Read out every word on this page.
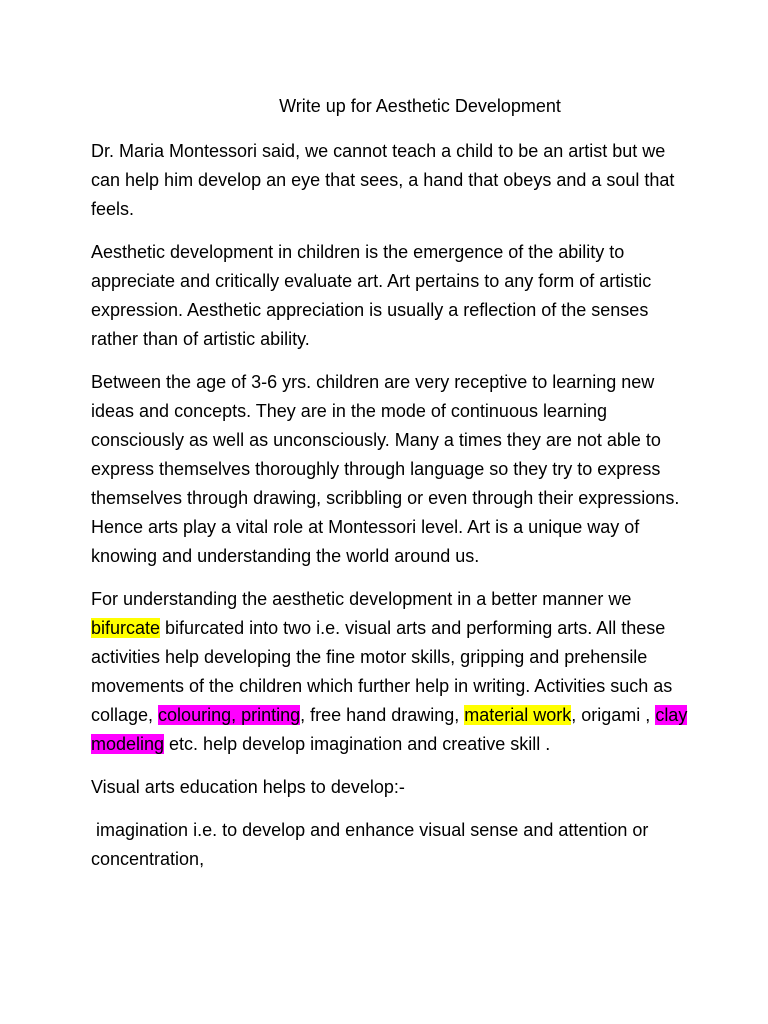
Write up for Aesthetic Development

Dr. Maria Montessori said, we cannot teach a child to be an artist but we can help him develop an eye that sees, a hand that obeys and a soul that feels.

Aesthetic development in children is the emergence of the ability to appreciate and critically evaluate art. Art pertains to any form of artistic expression. Aesthetic appreciation is usually a reflection of the senses rather than of artistic ability.

Between the age of 3-6 yrs. children are very receptive to learning new ideas and concepts. They are in the mode of continuous learning consciously as well as unconsciously. Many a times they are not able to express themselves thoroughly through language so they try to express themselves through drawing, scribbling or even through their expressions. Hence arts play a vital role at Montessori level. Art is a unique way of knowing and understanding the world around us.

For understanding the aesthetic development in a better manner we bifurcate bifurcated into two i.e. visual arts and performing arts. All these activities help developing the fine motor skills, gripping and prehensile movements of the children which further help in writing. Activities such as collage, colouring, printing, free hand drawing, material work, origami , clay modeling etc. help develop imagination and creative skill .

Visual arts education helps to develop:-

imagination i.e. to develop and enhance visual sense and attention or concentration,
